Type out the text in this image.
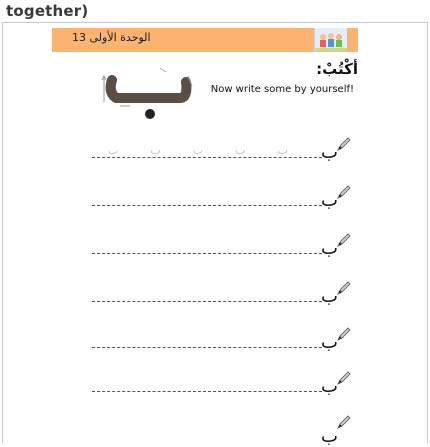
together)
الوحدة الأولى 13
أكْتُبْ:
Now write some by yourself!
ب	ب	ب	ب	ب ب
ب
ب
ب
ب
ب
ب
